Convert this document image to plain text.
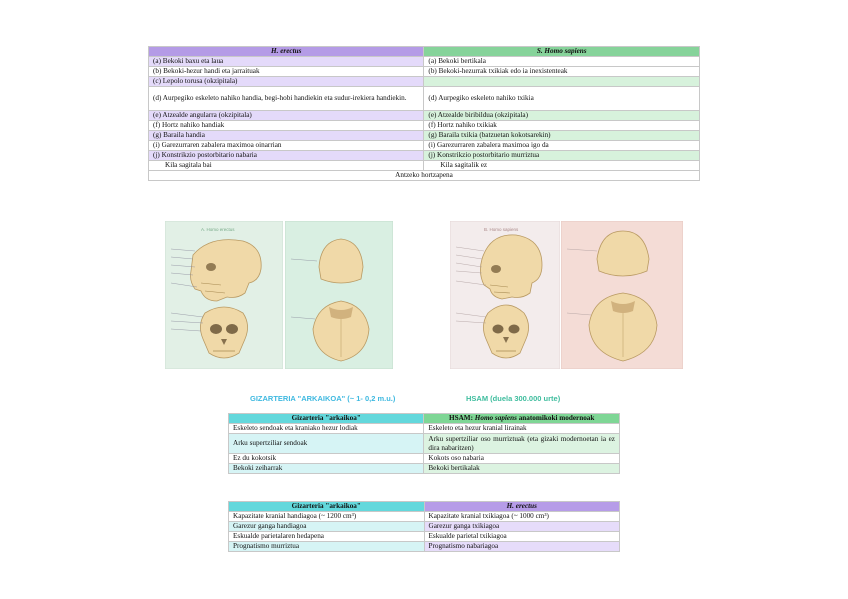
H. erectus	S. Homo sapiens
(a) Bekoki baxu eta laua	(a) Bekoki bertikala
(b) Bekoki-hezur handi eta jarraituak	(b) Bekoki-hezurrak txikiak edo ia inexistenteak
(c) Lepolo torusa (okzipitala)	
(d) Aurpegiko eskeleto nahiko handia, begi-hobi handiekin eta sudur-irekiera handiekin.	(d) Aurpegiko eskeleto nahiko txikia
(e) Atzealde angularra (okzipitala)	(e) Atzealde biribildua (okzipitala)
(f) Hortz nahiko handiak	(f) Hortz nahiko txikiak
(g) Baraila handia	(g) Baraila txikia (batzuetan kokotsarekin)
(i) Garezurraren zabalera maximoa oinarrian	(i) Garezurraren zabalera maximoa igo da
(j) Konstrikzio postorbitario nabaria	(j) Konstrikzio postorbitario murriztua
Kila sagitala bai	Kila sagitalik ez
Antzeko hortzapena	
A. Homo erectus	B. Homo sapiens
GIZARTERIA "ARKAIKOA" (~ 1- 0,2 m.u.)	HSAM (duela 300.000 urte)
Gizarteria "arkaikoa"	HSAM: Homo sapiens anatomikoki modernoak
Eskeleto sendoak eta kraniako hezur lodiak	Eskeleto eta hezur kranial lirainak
Arku supertziliar sendoak	Arku supertziliar oso murriztuak (eta gizaki modernoetan ia ez dira nabaritzen)
Ez du kokotsik	Kokots oso nabaria
Bekoki zeiharrak	Bekoki bertikalak
Gizarteria "arkaikoa"	H. erectus
Kapazitate kranial handiagoa (~ 1200 cm³)	Kapazitate kranial txikiagoa (~ 1000 cm³)
Garezur ganga handiagoa	Garezur ganga txikiagoa
Eskualde parietalaren hedapena	Eskualde parietal txikiagoa
Prognatismo murriztua	Prognatismo nabariagoa
